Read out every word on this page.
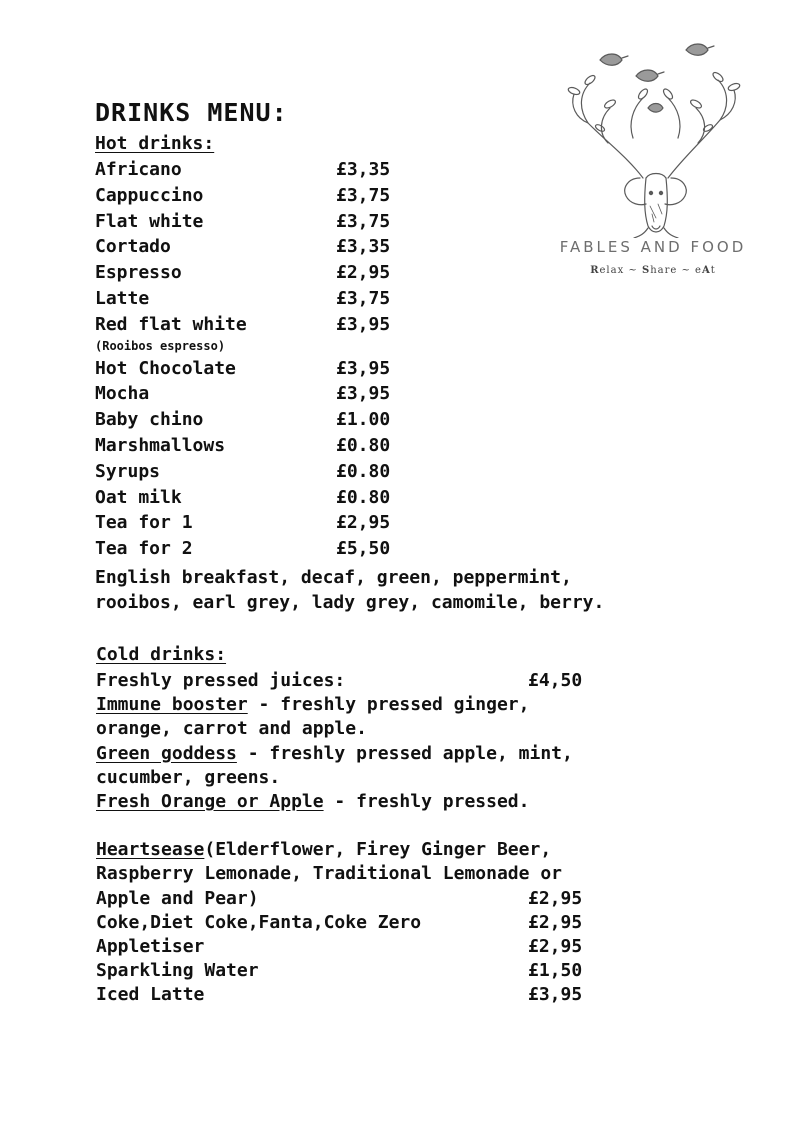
DRINKS MENU:
Hot drinks:
Africano	£3,35
Cappuccino	£3,75
Flat white	£3,75
Cortado	£3,35
Espresso	£2,95
Latte	£3,75
Red flat white	£3,95
(Rooibos espresso)
Hot Chocolate	£3,95
Mocha	£3,95
Baby chino	£1.00
Marshmallows	£0.80
Syrups	£0.80
Oat milk	£0.80
Tea for 1	£2,95
Tea for 2	£5,50

English breakfast, decaf, green, peppermint,
rooibos, earl grey, lady grey, camomile, berry.

Cold drinks:
Freshly pressed juices:	£4,50
Immune booster - freshly pressed ginger,
orange, carrot and apple.
Green goddess - freshly pressed apple, mint,
cucumber, greens.
Fresh Orange or Apple - freshly pressed.
Heartsease(Elderflower, Firey Ginger Beer,
Raspberry Lemonade, Traditional Lemonade or
Apple and Pear)	£2,95
Coke,Diet Coke,Fanta,Coke Zero	£2,95
Appletiser	£2,95
Sparkling Water	£1,50
Iced Latte	£3,95
FABLES AND FOOD
Relax ~ Share ~ eAt
